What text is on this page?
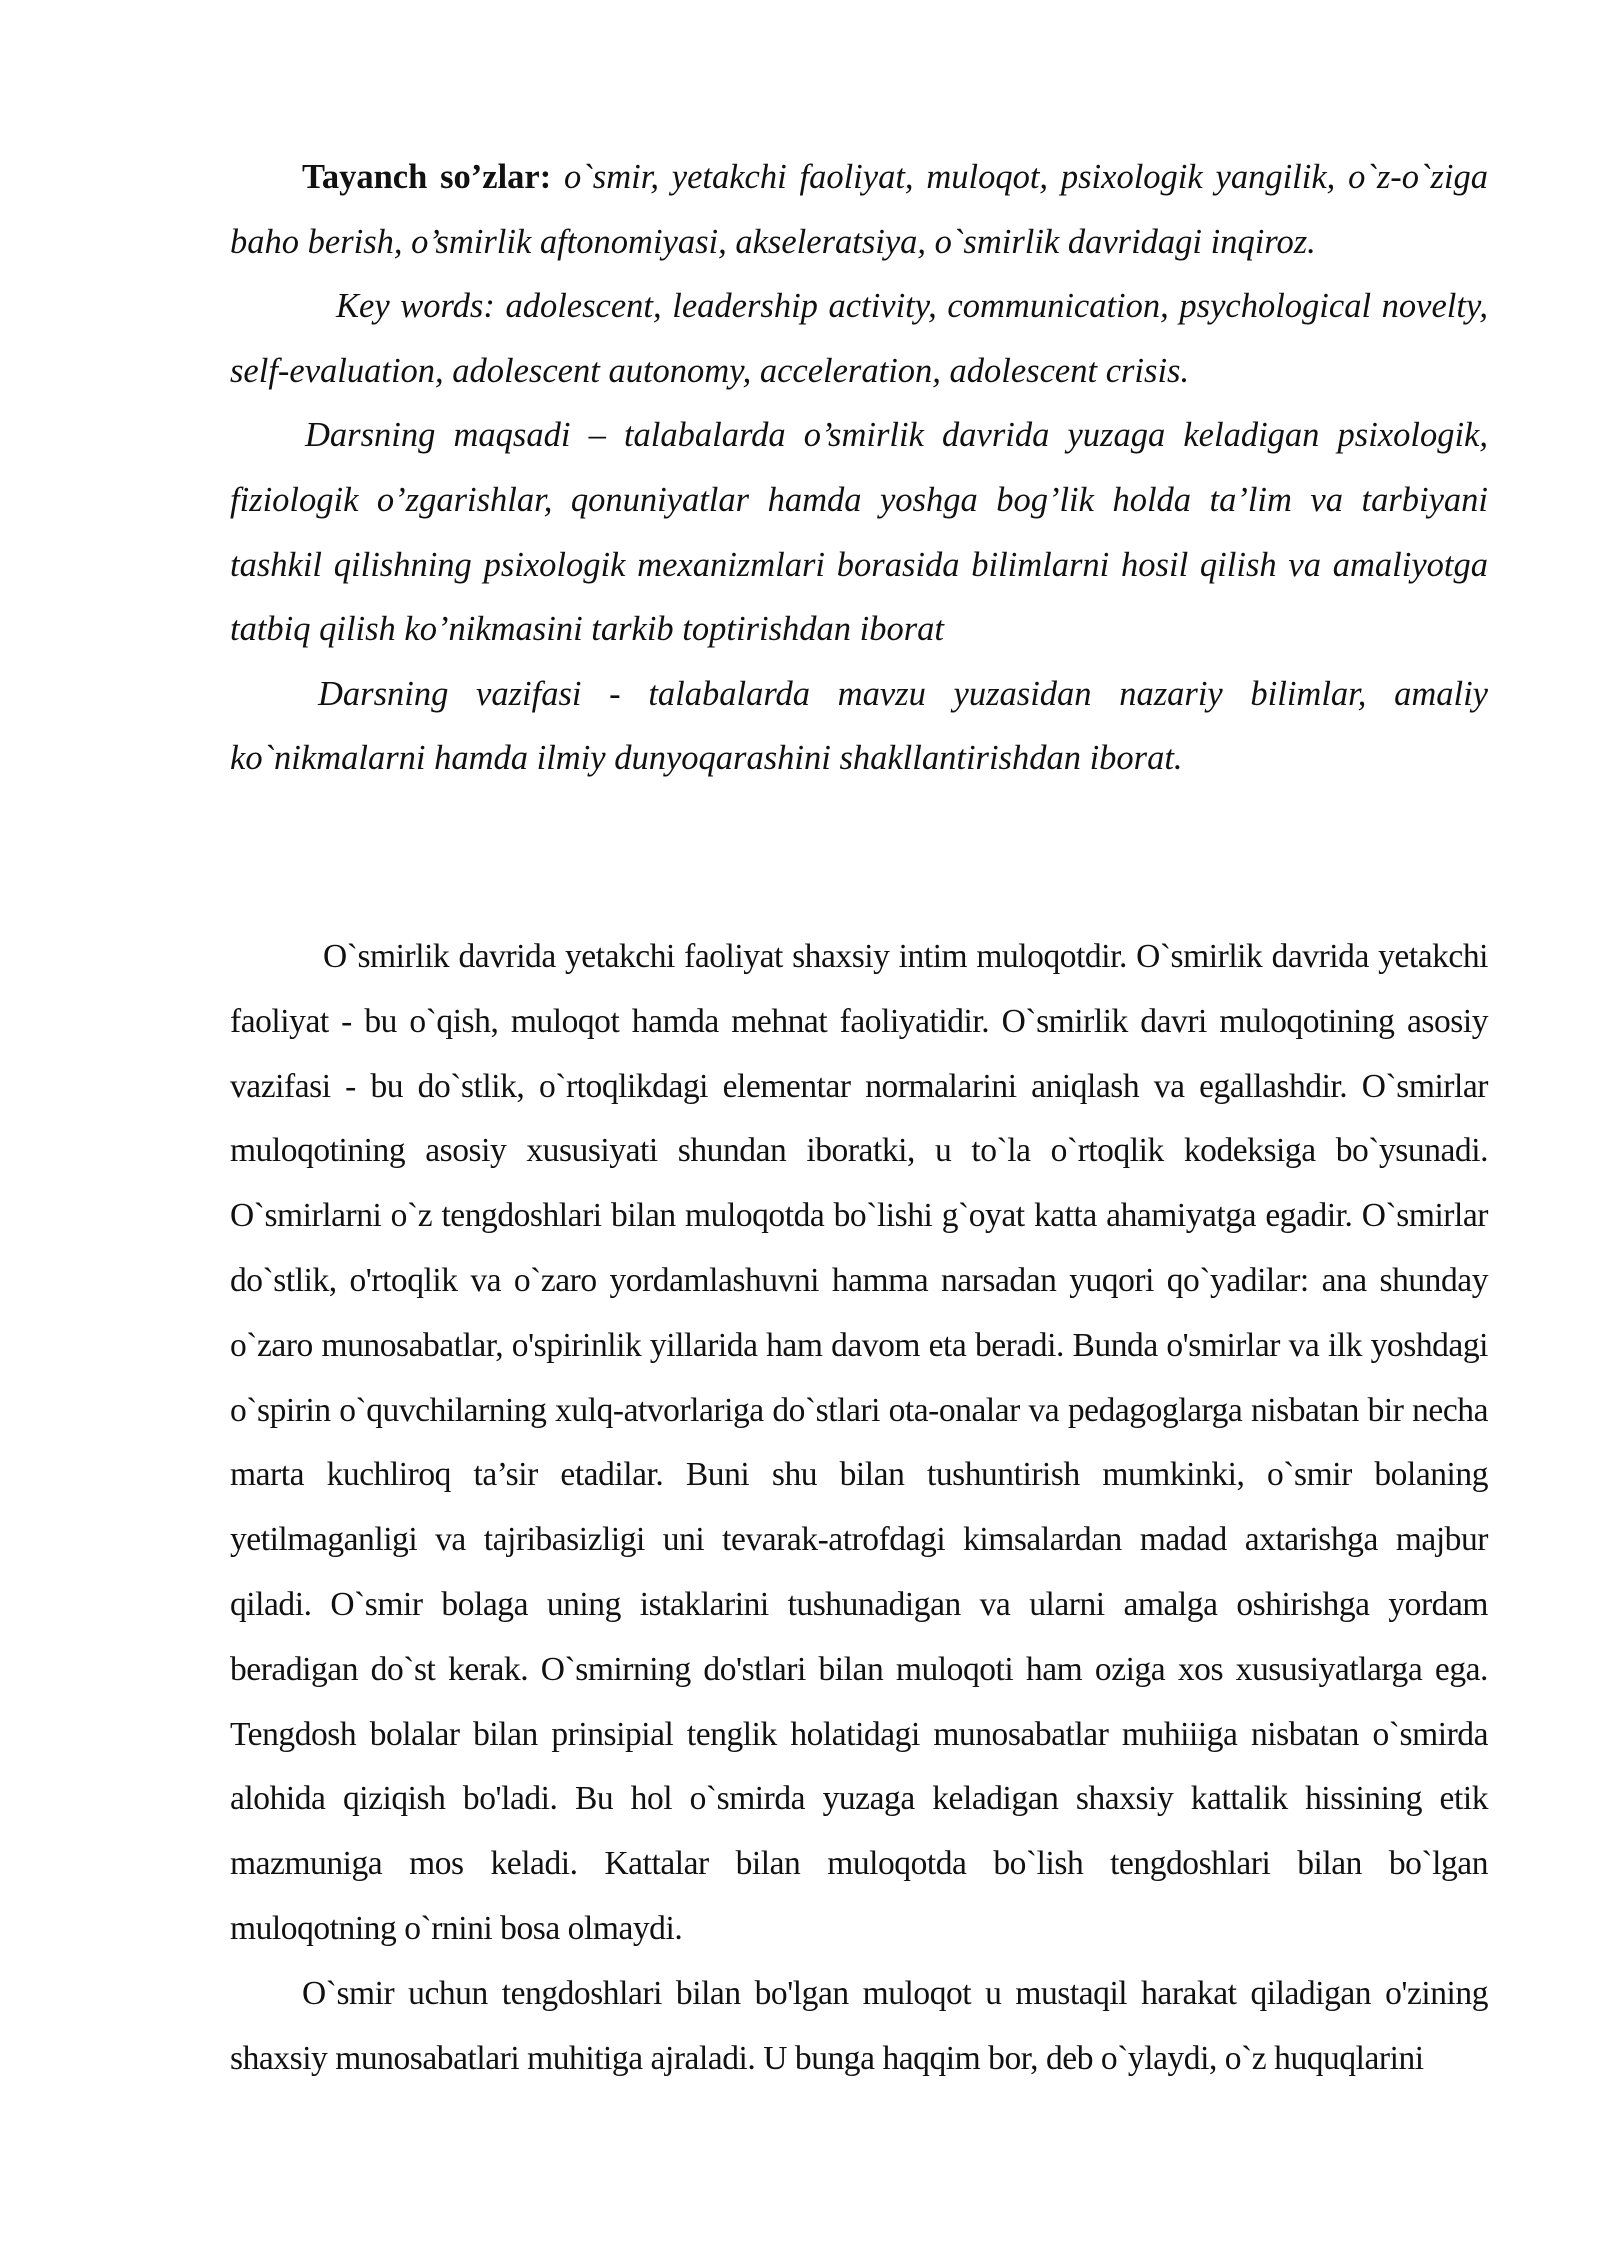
Tayanch so’zlar: o`smir, yetakchi faoliyat, muloqot, psixologik yangilik, o`z-o`ziga baho berish, o’smirlik aftonomiyasi, akseleratsiya, o`smirlik davridagi inqiroz.

Key words: adolescent, leadership activity, communication, psychological novelty, self-evaluation, adolescent autonomy, acceleration, adolescent crisis.

Darsning maqsadi – talabalarda o’smirlik davrida yuzaga keladigan psixologik, fiziologik o’zgarishlar, qonuniyatlar hamda yoshga bog’lik holda ta’lim va tarbiyani tashkil qilishning psixologik mexanizmlari borasida bilimlarni hosil qilish va amaliyotga tatbiq qilish ko’nikmasini tarkib toptirishdan iborat

Darsning vazifasi - talabalarda mavzu yuzasidan nazariy bilimlar, amaliy ko`nikmalarni hamda ilmiy dunyoqarashini shakllantirishdan iborat.

O`smirlik davrida yetakchi faoliyat shaxsiy intim muloqotdir. O`smirlik davrida yetakchi faoliyat - bu o`qish, muloqot hamda mehnat faoliyatidir. O`smirlik davri muloqotining asosiy vazifasi - bu do`stlik, o`rtoqlikdagi elementar normalarini aniqlash va egallashdir. O`smirlar muloqotining asosiy xususiyati shundan iboratki, u to`la o`rtoqlik kodeksiga bo`ysunadi. O`smirlarni o`z tengdoshlari bilan muloqotda bo`lishi g`oyat katta ahamiyatga egadir. O`smirlar do`stlik, o'rtoqlik va o`zaro yordamlashuvni hamma narsadan yuqori qo`yadilar: ana shunday o`zaro munosabatlar, o'spirinlik yillarida ham davom eta beradi. Bunda o'smirlar va ilk yoshdagi o`spirin o`quvchilarning xulq-atvorlariga do`stlari ota-onalar va pedagoglarga nisbatan bir necha marta kuchliroq ta’sir etadilar. Buni shu bilan tushuntirish mumkinki, o`smir bolaning yetilmaganligi va tajribasizligi uni tevarak-atrofdagi kimsalardan madad axtarishga majbur qiladi. O`smir bolaga uning istaklarini tushunadigan va ularni amalga oshirishga yordam beradigan do`st kerak. O`smirning do'stlari bilan muloqoti ham oziga xos xususiyatlarga ega. Tengdosh bolalar bilan prinsipial tenglik holatidagi munosabatlar muhiiiga nisbatan o`smirda alohida qiziqish bo'ladi. Bu hol o`smirda yuzaga keladigan shaxsiy kattalik hissining etik mazmuniga mos keladi. Kattalar bilan muloqotda bo`lish tengdoshlari bilan bo`lgan muloqotning o`rnini bosa olmaydi.

O`smir uchun tengdoshlari bilan bo'lgan muloqot u mustaqil harakat qiladigan o'zining shaxsiy munosabatlari muhitiga ajraladi. U bunga haqqim bor, deb o`ylaydi, o`z huquqlarini
